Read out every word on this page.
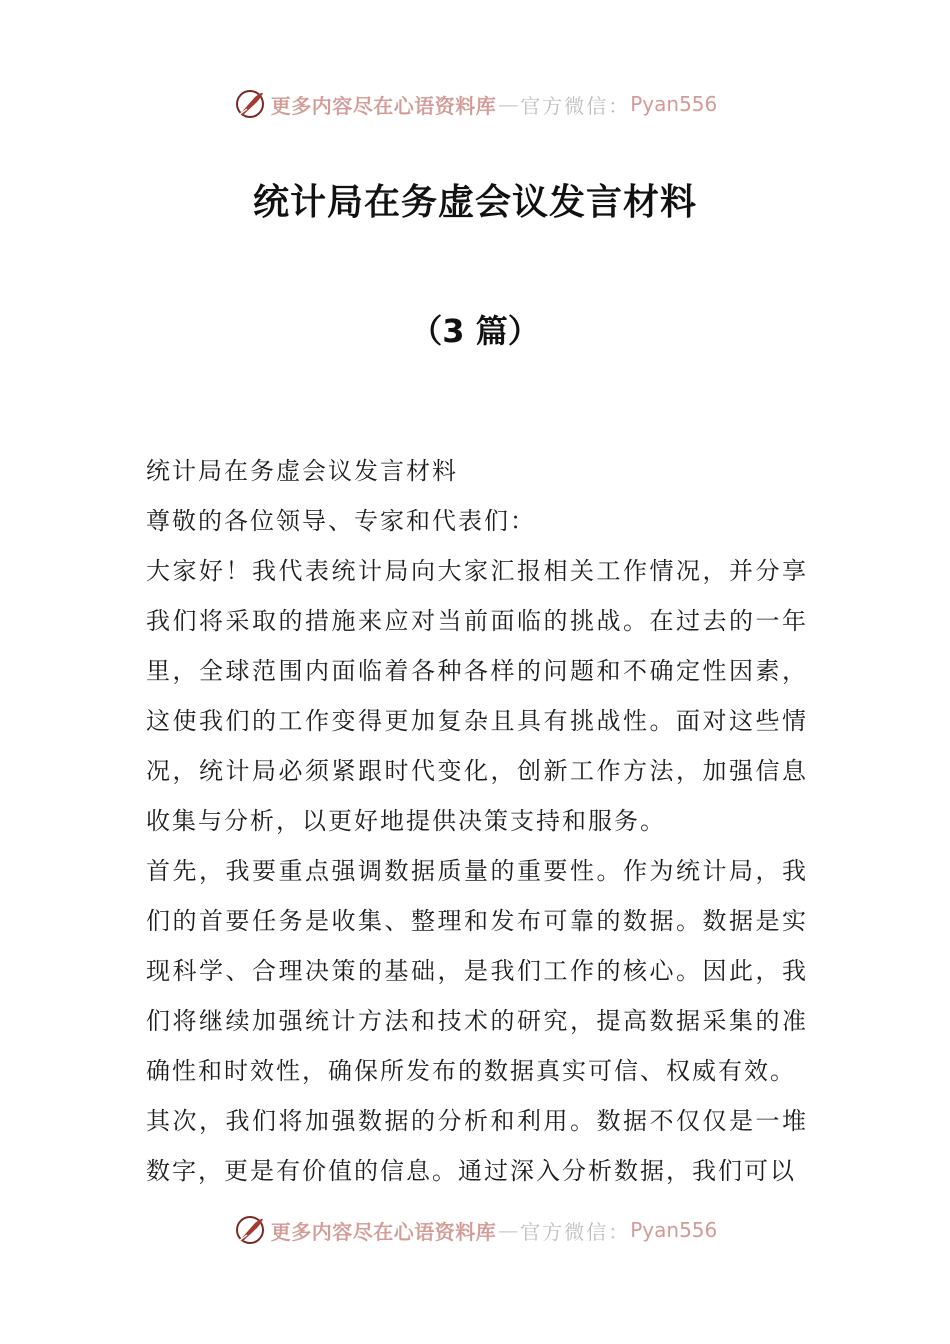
更多内容尽在心语资料库 — 官方微信： Pyan556
统计局在务虚会议发言材料
（3 篇）

统计局在务虚会议发言材料

尊敬的各位领导、专家和代表们：

大家好！我代表统计局向大家汇报相关工作情况，并分享我们将采取的措施来应对当前面临的挑战。在过去的一年里，全球范围内面临着各种各样的问题和不确定性因素，这使我们的工作变得更加复杂且具有挑战性。面对这些情况，统计局必须紧跟时代变化，创新工作方法，加强信息收集与分析，以更好地提供决策支持和服务。

首先，我要重点强调数据质量的重要性。作为统计局，我们的首要任务是收集、整理和发布可靠的数据。数据是实现科学、合理决策的基础，是我们工作的核心。因此，我们将继续加强统计方法和技术的研究，提高数据采集的准确性和时效性，确保所发布的数据真实可信、权威有效。

其次，我们将加强数据的分析和利用。数据不仅仅是一堆数字，更是有价值的信息。通过深入分析数据，我们可以

更多内容尽在心语资料库 — 官方微信： Pyan556
